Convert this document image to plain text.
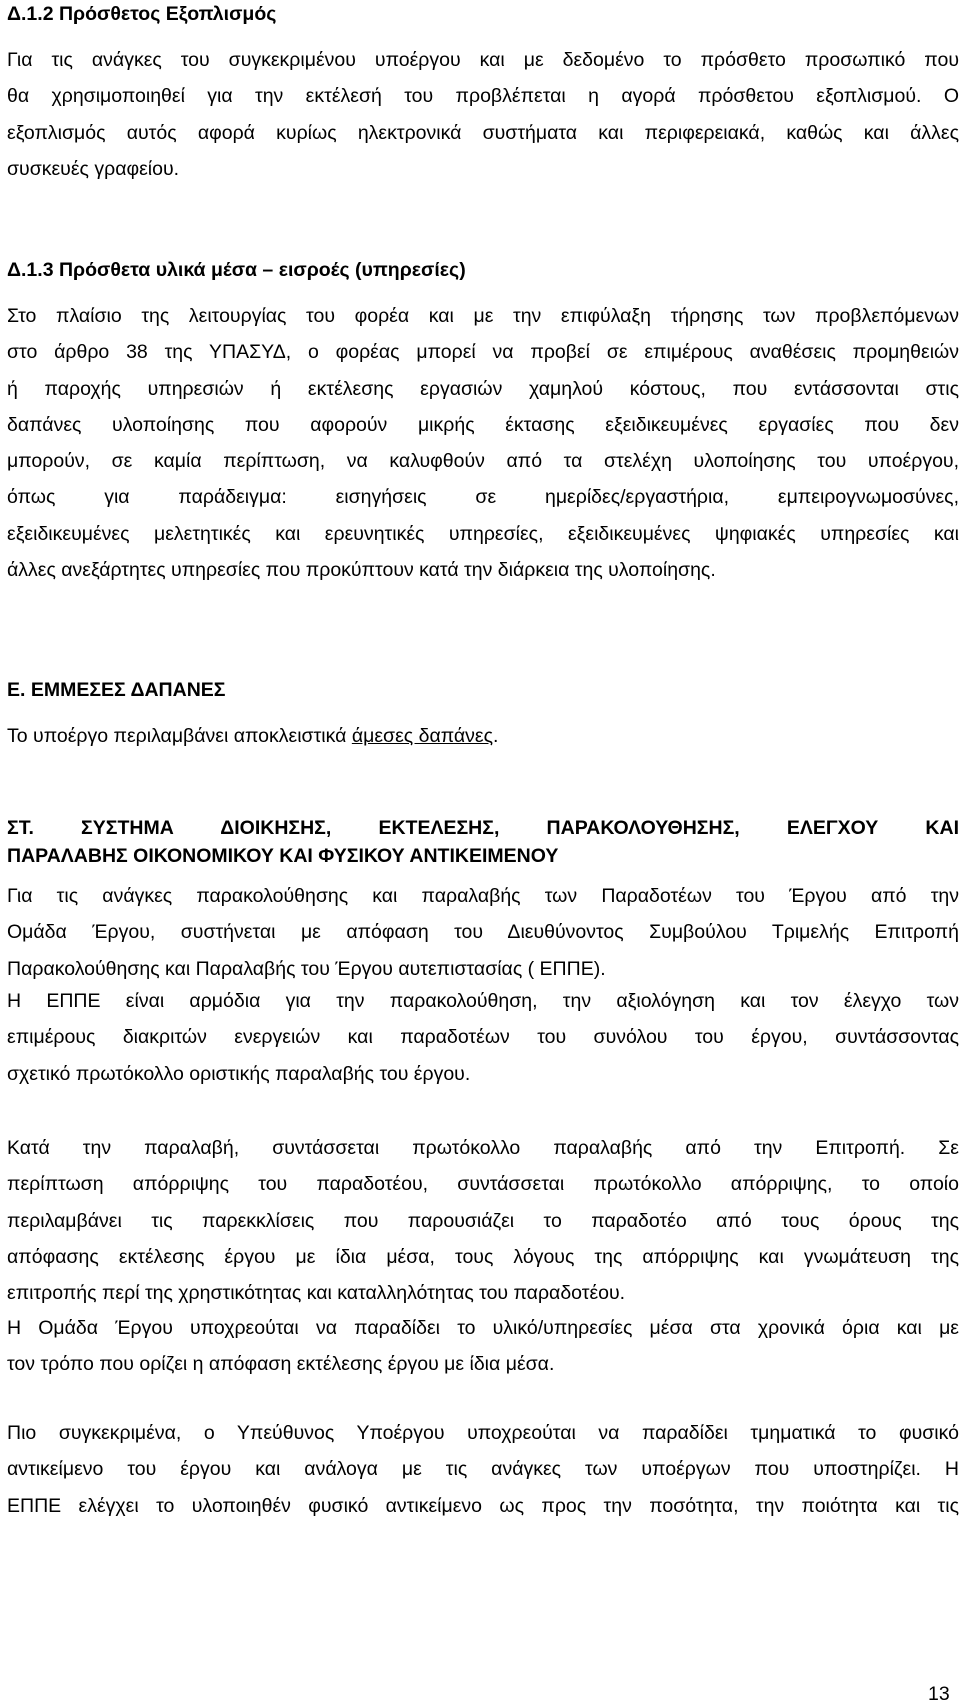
Δ.1.2 Πρόσθετος Εξοπλισμός
Για τις ανάγκες του συγκεκριμένου υποέργου και με δεδομένο το πρόσθετο προσωπικό που
θα χρησιμοποιηθεί για την εκτέλεσή του προβλέπεται η αγορά πρόσθετου εξοπλισμού. Ο
εξοπλισμός αυτός αφορά κυρίως ηλεκτρονικά συστήματα και περιφερειακά, καθώς και άλλες
συσκευές γραφείου.
Δ.1.3 Πρόσθετα υλικά μέσα – εισροές (υπηρεσίες)
Στο πλαίσιο της λειτουργίας του φορέα και με την επιφύλαξη τήρησης των προβλεπόμενων
στο άρθρο 38 της ΥΠΑΣΥΔ, ο φορέας μπορεί να προβεί σε επιμέρους αναθέσεις προμηθειών
ή παροχής υπηρεσιών ή εκτέλεσης εργασιών χαμηλού κόστους, που εντάσσονται στις
δαπάνες υλοποίησης που αφορούν μικρής έκτασης εξειδικευμένες εργασίες που δεν
μπορούν, σε καμία περίπτωση, να καλυφθούν από τα στελέχη υλοποίησης του υποέργου,
όπως για παράδειγμα: εισηγήσεις σε ημερίδες/εργαστήρια, εμπειρογνωμοσύνες,
εξειδικευμένες μελετητικές και ερευνητικές υπηρεσίες, εξειδικευμένες ψηφιακές υπηρεσίες και
άλλες ανεξάρτητες υπηρεσίες που προκύπτουν κατά την διάρκεια της υλοποίησης.
Ε. ΕΜΜΕΣΕΣ ΔΑΠΑΝΕΣ
Το υποέργο περιλαμβάνει αποκλειστικά άμεσες δαπάνες.
ΣΤ. ΣΥΣΤΗΜΑ ΔΙΟΙΚΗΣΗΣ, ΕΚΤΕΛΕΣΗΣ, ΠΑΡΑΚΟΛΟΥΘΗΣΗΣ, ΕΛΕΓΧΟΥ ΚΑΙ
ΠΑΡΑΛΑΒΗΣ ΟΙΚΟΝΟΜΙΚΟΥ ΚΑΙ ΦΥΣΙΚΟΥ ΑΝΤΙΚΕΙΜΕΝΟΥ
Για τις ανάγκες παρακολούθησης και παραλαβής των Παραδοτέων του Έργου από την
Ομάδα Έργου, συστήνεται με απόφαση του Διευθύνοντος Συμβούλου Τριμελής Επιτροπή
Παρακολούθησης και Παραλαβής του Έργου αυτεπιστασίας ( ΕΠΠΕ).
Η ΕΠΠΕ είναι αρμόδια για την παρακολούθηση, την αξιολόγηση και τον έλεγχο των
επιμέρους διακριτών ενεργειών και παραδοτέων του συνόλου του έργου, συντάσσοντας
σχετικό πρωτόκολλο οριστικής παραλαβής του έργου.
Κατά την παραλαβή, συντάσσεται πρωτόκολλο παραλαβής από την Επιτροπή. Σε
περίπτωση απόρριψης του παραδοτέου, συντάσσεται πρωτόκολλο απόρριψης, το οποίο
περιλαμβάνει τις παρεκκλίσεις που παρουσιάζει το παραδοτέο από τους όρους της
απόφασης εκτέλεσης έργου με ίδια μέσα, τους λόγους της απόρριψης και γνωμάτευση της
επιτροπής περί της χρηστικότητας και καταλληλότητας του παραδοτέου.
Η Ομάδα Έργου υποχρεούται να παραδίδει το υλικό/υπηρεσίες μέσα στα χρονικά όρια και με
τον τρόπο που ορίζει η απόφαση εκτέλεσης έργου με ίδια μέσα.
Πιο συγκεκριμένα, ο Υπεύθυνος Υποέργου υποχρεούται να παραδίδει τμηματικά το φυσικό
αντικείμενο του έργου και ανάλογα με τις ανάγκες των υποέργων που υποστηρίζει. Η
ΕΠΠΕ ελέγχει το υλοποιηθέν φυσικό αντικείμενο ως προς την ποσότητα, την ποιότητα και τις
13
